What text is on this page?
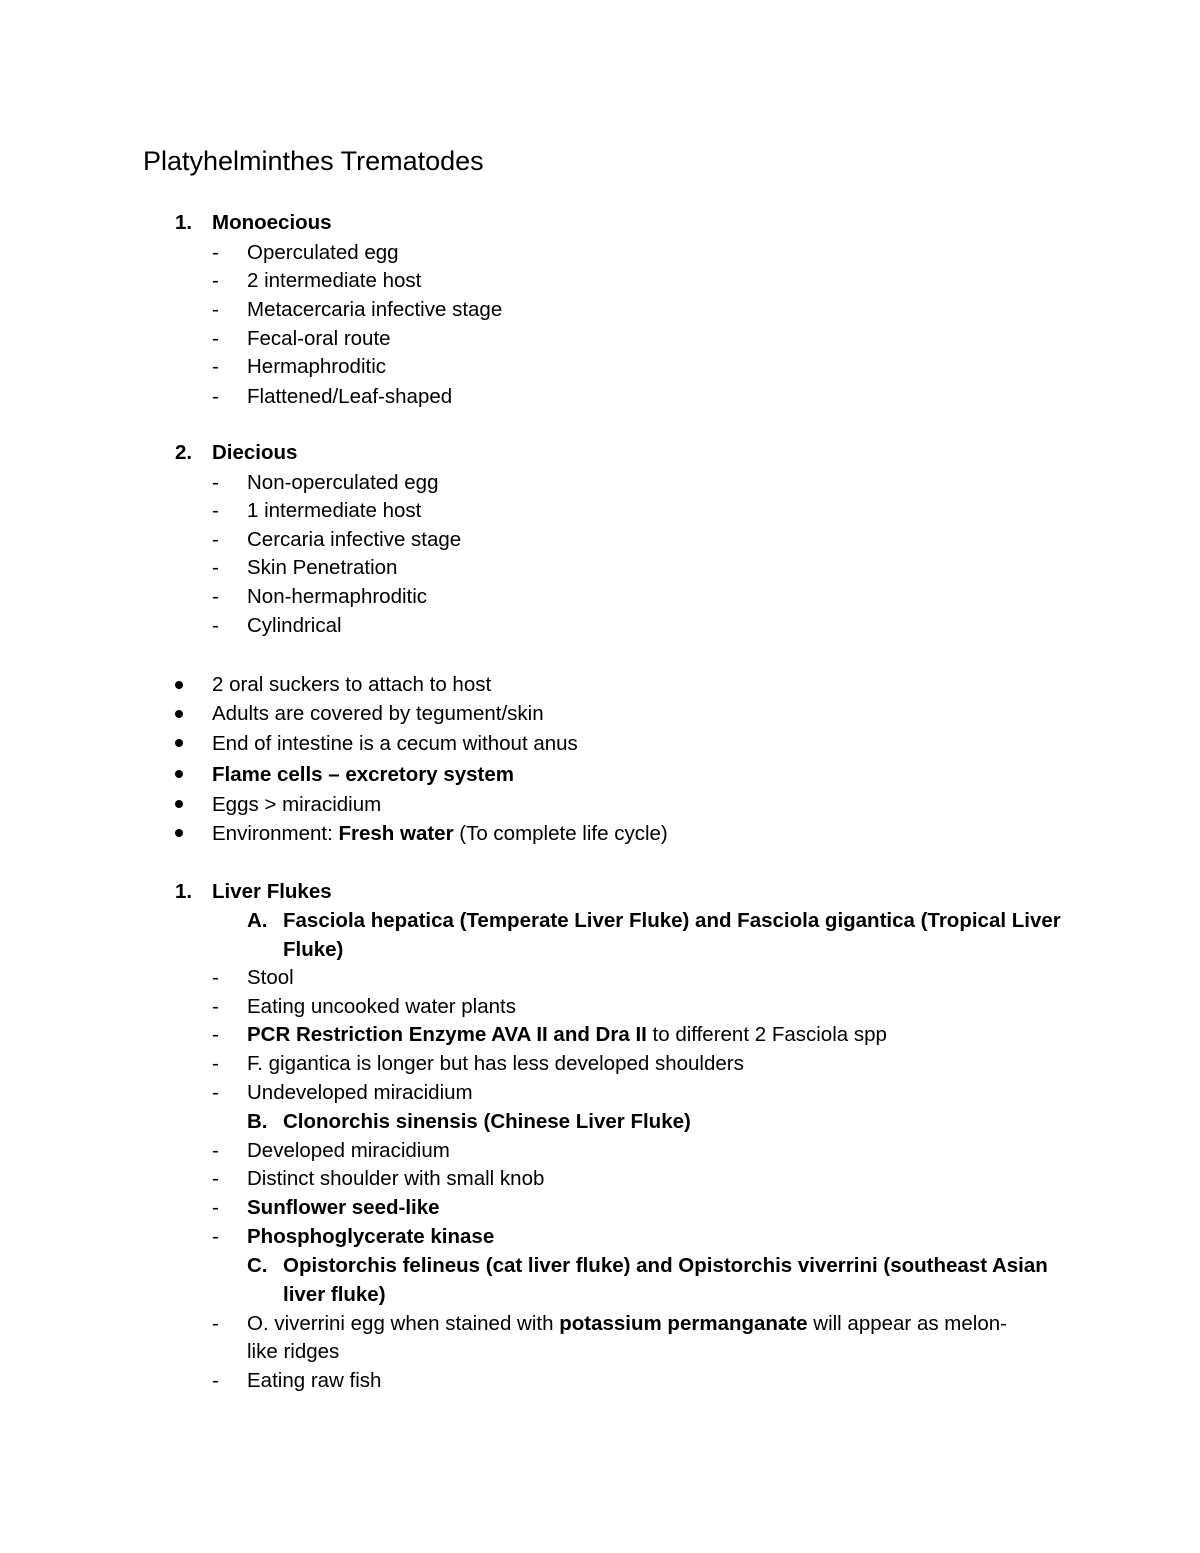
Platyhelminthes Trematodes
1. Monoecious
- Operculated egg
- 2 intermediate host
- Metacercaria infective stage
- Fecal-oral route
- Hermaphroditic
- Flattened/Leaf-shaped
2. Diecious
- Non-operculated egg
- 1 intermediate host
- Cercaria infective stage
- Skin Penetration
- Non-hermaphroditic
- Cylindrical
2 oral suckers to attach to host
Adults are covered by tegument/skin
End of intestine is a cecum without anus
Flame cells – excretory system
Eggs > miracidium
Environment: Fresh water (To complete life cycle)
1. Liver Flukes
A. Fasciola hepatica (Temperate Liver Fluke) and Fasciola gigantica (Tropical Liver Fluke)
- Stool
- Eating uncooked water plants
- PCR Restriction Enzyme AVA II and Dra II to different 2 Fasciola spp
- F. gigantica is longer but has less developed shoulders
- Undeveloped miracidium
B. Clonorchis sinensis (Chinese Liver Fluke)
- Developed miracidium
- Distinct shoulder with small knob
- Sunflower seed-like
- Phosphoglycerate kinase
C. Opistorchis felineus (cat liver fluke) and Opistorchis viverrini (southeast Asian liver fluke)
- O. viverrini egg when stained with potassium permanganate will appear as melon-
like ridges
- Eating raw fish
